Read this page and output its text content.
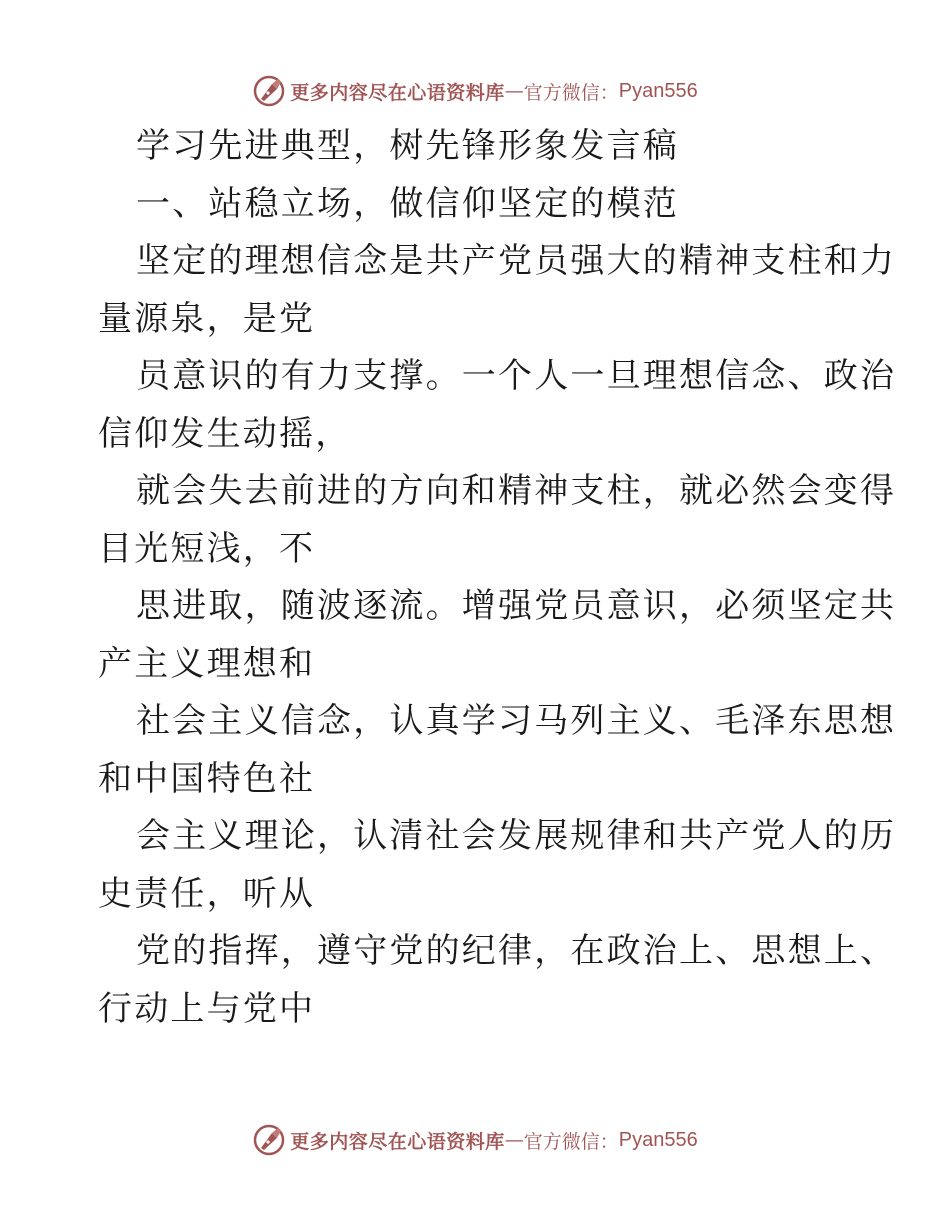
更多内容尽在心语资料库 — 官方微信： Pyan556
学习先进典型，树先锋形象发言稿
一、站稳立场，做信仰坚定的模范
坚定的理想信念是共产党员强大的精神支柱和力
量源泉，是党
员意识的有力支撑。一个人一旦理想信念、政治
信仰发生动摇，
就会失去前进的方向和精神支柱，就必然会变得
目光短浅，不
思进取，随波逐流。增强党员意识，必须坚定共
产主义理想和
社会主义信念，认真学习马列主义、毛泽东思想
和中国特色社
会主义理论，认清社会发展规律和共产党人的历
史责任，听从
党的指挥，遵守党的纪律，在政治上、思想上、
行动上与党中
更多内容尽在心语资料库 — 官方微信： Pyan556
